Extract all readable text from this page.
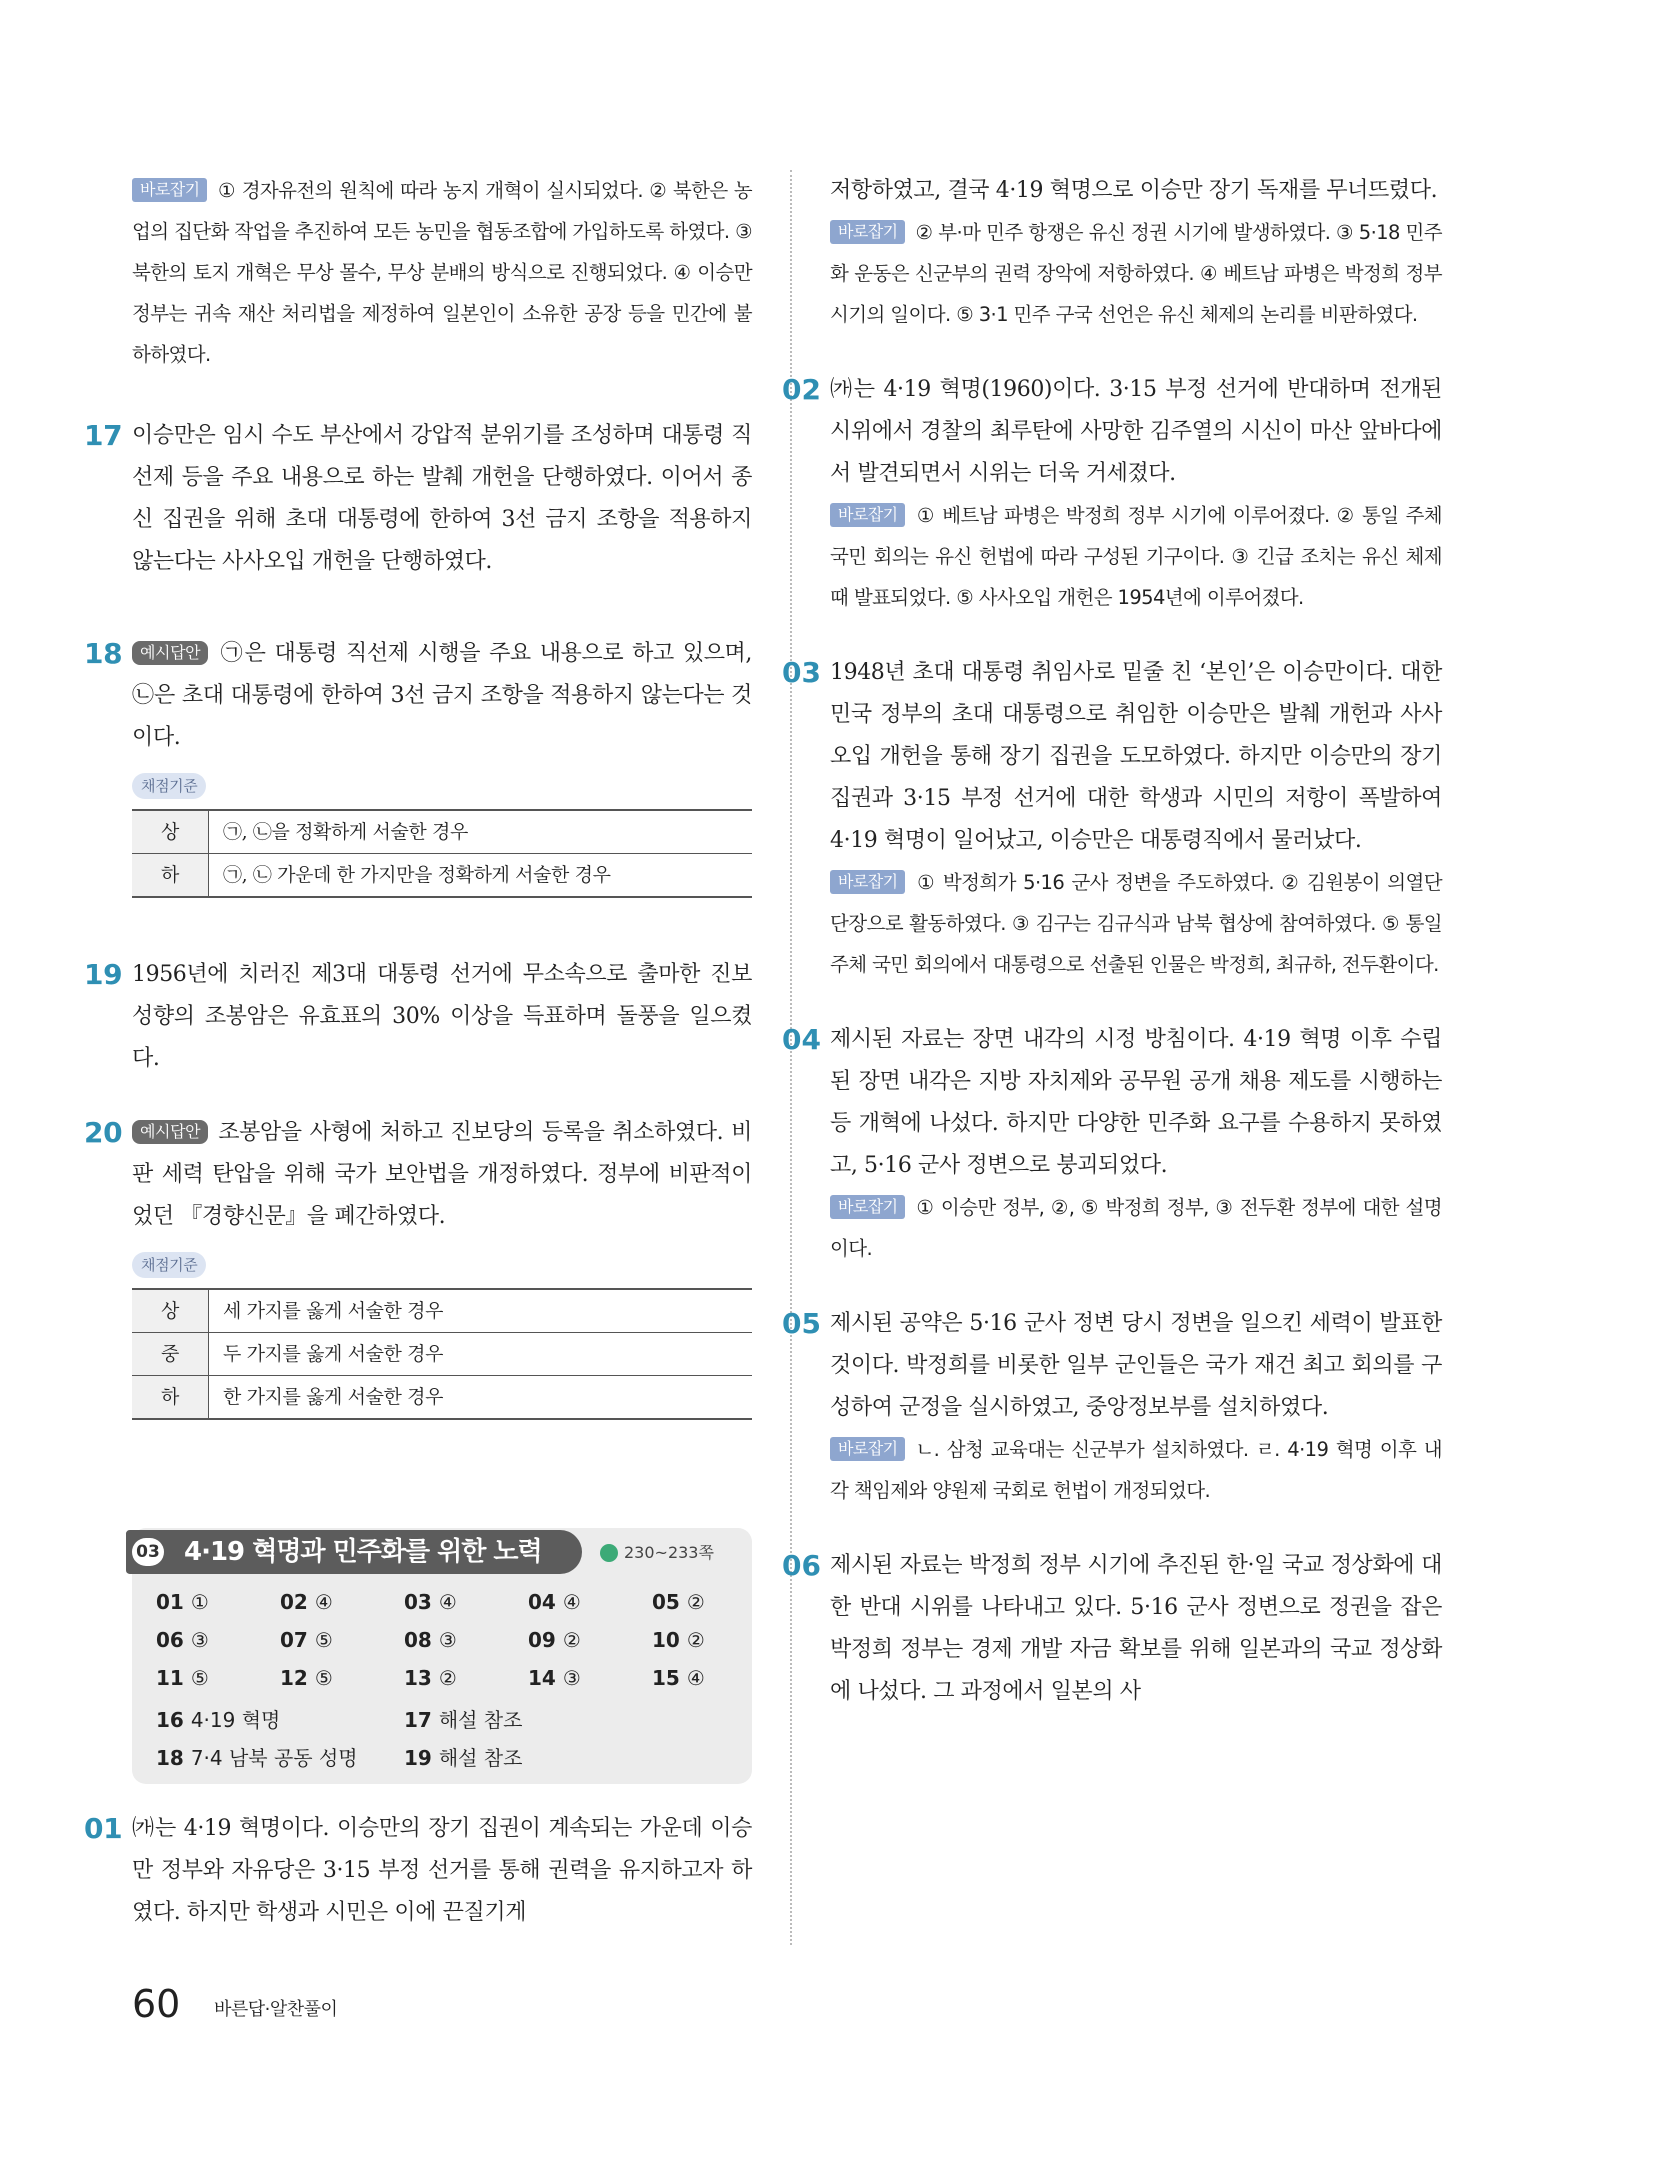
바로잡기 ① 경자유전의 원칙에 따라 농지 개혁이 실시되었다. ② 북한은 농업의 집단화 작업을 추진하여 모든 농민을 협동조합에 가입하도록 하였다. ③ 북한의 토지 개혁은 무상 몰수, 무상 분배의 방식으로 진행되었다. ④ 이승만 정부는 귀속 재산 처리법을 제정하여 일본인이 소유한 공장 등을 민간에 불하하였다.
17 이승만은 임시 수도 부산에서 강압적 분위기를 조성하며 대통령 직선제 등을 주요 내용으로 하는 발췌 개헌을 단행하였다. 이어서 종신 집권을 위해 초대 대통령에 한하여 3선 금지 조항을 적용하지 않는다는 사사오입 개헌을 단행하였다.
18 예시답안 ㉠은 대통령 직선제 시행을 주요 내용으로 하고 있으며, ㉡은 초대 대통령에 한하여 3선 금지 조항을 적용하지 않는다는 것이다.
채점기준
상	㉠, ㉡을 정확하게 서술한 경우
하	㉠, ㉡ 가운데 한 가지만을 정확하게 서술한 경우
19 1956년에 치러진 제3대 대통령 선거에 무소속으로 출마한 진보 성향의 조봉암은 유효표의 30% 이상을 득표하며 돌풍을 일으켰다.
20 예시답안 조봉암을 사형에 처하고 진보당의 등록을 취소하였다. 비판 세력 탄압을 위해 국가 보안법을 개정하였다. 정부에 비판적이었던 『경향신문』을 폐간하였다.
채점기준
상	세 가지를 옳게 서술한 경우
중	두 가지를 옳게 서술한 경우
하	한 가지를 옳게 서술한 경우
03 4·19 혁명과 민주화를 위한 노력	230~233쪽
01 ①	02 ④	03 ④	04 ④	05 ②
06 ③	07 ⑤	08 ③	09 ②	10 ②
11 ⑤	12 ⑤	13 ②	14 ③	15 ④
16 4·19 혁명	17 해설 참조
18 7·4 남북 공동 성명 19 해설 참조
01 ㈎는 4·19 혁명이다. 이승만의 장기 집권이 계속되는 가운데 이승만 정부와 자유당은 3·15 부정 선거를 통해 권력을 유지하고자 하였다. 하지만 학생과 시민은 이에 끈질기게
저항하였고, 결국 4·19 혁명으로 이승만 장기 독재를 무너뜨렸다.
바로잡기 ② 부·마 민주 항쟁은 유신 정권 시기에 발생하였다. ③ 5·18 민주화 운동은 신군부의 권력 장악에 저항하였다. ④ 베트남 파병은 박정희 정부 시기의 일이다. ⑤ 3·1 민주 구국 선언은 유신 체제의 논리를 비판하였다.
02 ㈎는 4·19 혁명(1960)이다. 3·15 부정 선거에 반대하며 전개된 시위에서 경찰의 최루탄에 사망한 김주열의 시신이 마산 앞바다에서 발견되면서 시위는 더욱 거세졌다.
바로잡기 ① 베트남 파병은 박정희 정부 시기에 이루어졌다. ② 통일 주체 국민 회의는 유신 헌법에 따라 구성된 기구이다. ③ 긴급 조치는 유신 체제 때 발표되었다. ⑤ 사사오입 개헌은 1954년에 이루어졌다.
03 1948년 초대 대통령 취임사로 밑줄 친 ‘본인’은 이승만이다. 대한민국 정부의 초대 대통령으로 취임한 이승만은 발췌 개헌과 사사오입 개헌을 통해 장기 집권을 도모하였다. 하지만 이승만의 장기 집권과 3·15 부정 선거에 대한 학생과 시민의 저항이 폭발하여 4·19 혁명이 일어났고, 이승만은 대통령직에서 물러났다.
바로잡기 ① 박정희가 5·16 군사 정변을 주도하였다. ② 김원봉이 의열단 단장으로 활동하였다. ③ 김구는 김규식과 남북 협상에 참여하였다. ⑤ 통일 주체 국민 회의에서 대통령으로 선출된 인물은 박정희, 최규하, 전두환이다.
04 제시된 자료는 장면 내각의 시정 방침이다. 4·19 혁명 이후 수립된 장면 내각은 지방 자치제와 공무원 공개 채용 제도를 시행하는 등 개혁에 나섰다. 하지만 다양한 민주화 요구를 수용하지 못하였고, 5·16 군사 정변으로 붕괴되었다.
바로잡기 ① 이승만 정부, ②, ⑤ 박정희 정부, ③ 전두환 정부에 대한 설명이다.
05 제시된 공약은 5·16 군사 정변 당시 정변을 일으킨 세력이 발표한 것이다. 박정희를 비롯한 일부 군인들은 국가 재건 최고 회의를 구성하여 군정을 실시하였고, 중앙정보부를 설치하였다.
바로잡기 ㄴ. 삼청 교육대는 신군부가 설치하였다. ㄹ. 4·19 혁명 이후 내각 책임제와 양원제 국회로 헌법이 개정되었다.
06 제시된 자료는 박정희 정부 시기에 추진된 한·일 국교 정상화에 대한 반대 시위를 나타내고 있다. 5·16 군사 정변으로 정권을 잡은 박정희 정부는 경제 개발 자금 확보를 위해 일본과의 국교 정상화에 나섰다. 그 과정에서 일본의 사
60 바른답·알찬풀이
